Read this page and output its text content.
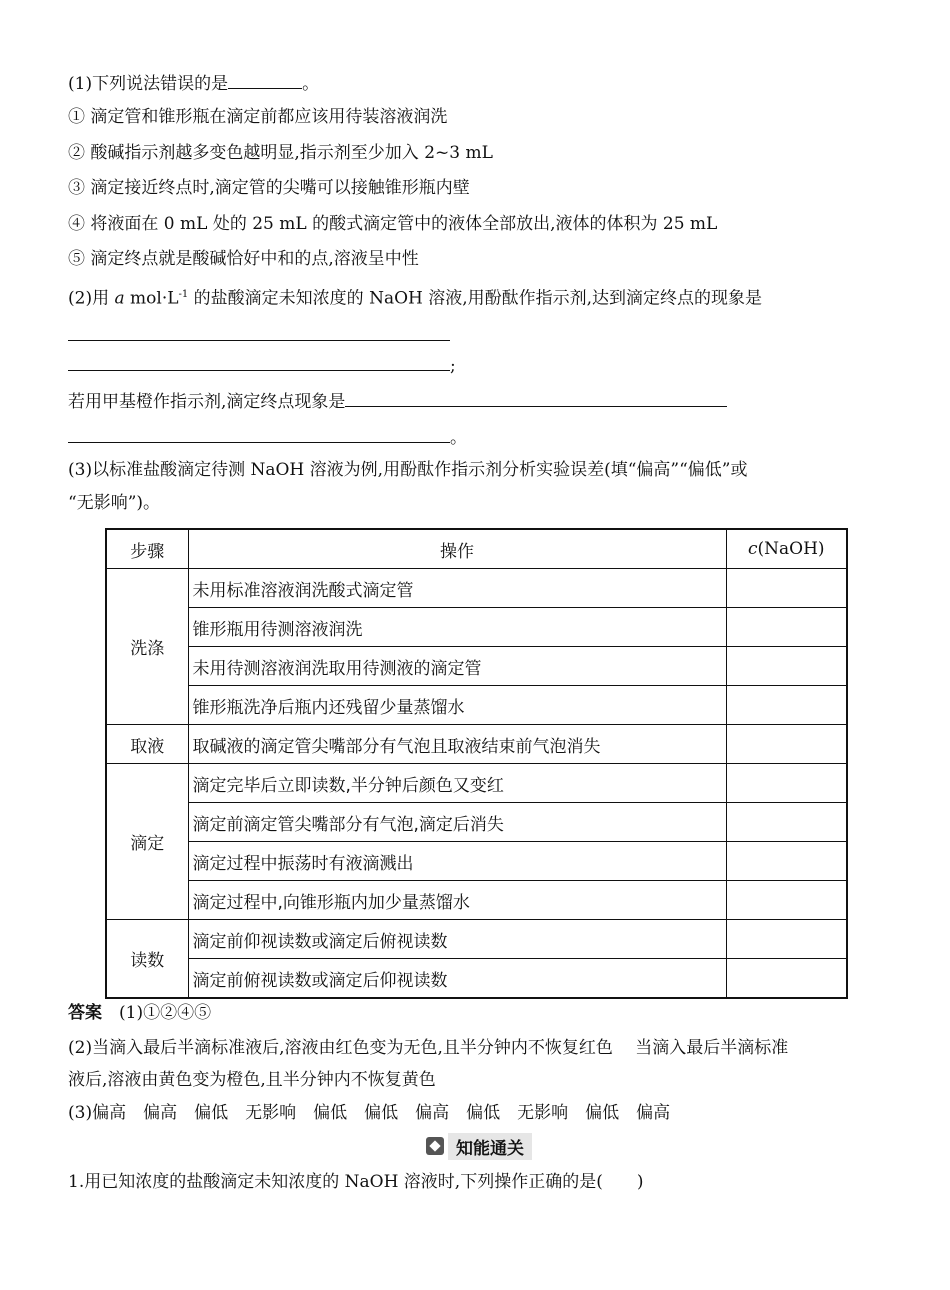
(1)下列说法错误的是	。
① 滴定管和锥形瓶在滴定前都应该用待装溶液润洗
② 酸碱指示剂越多变色越明显,指示剂至少加入 2~3 mL
③ 滴定接近终点时,滴定管的尖嘴可以接触锥形瓶内壁
④ 将液面在 0 mL 处的 25 mL 的酸式滴定管中的液体全部放出,液体的体积为 25 mL
⑤ 滴定终点就是酸碱恰好中和的点,溶液呈中性
(2)用 a $mol\cdot L^{-1}$ 的盐酸滴定未知浓度的 NaOH 溶液,用酚酞作指示剂,达到滴定终点的现象是
;
若用甲基橙作指示剂,滴定终点现象是
。
(3)以标准盐酸滴定待测 NaOH 溶液为例,用酚酞作指示剂分析实验误差(填“偏高”“偏低”或
“无影响”)。
步骤	操作	c(NaOH)
洗涤	未用标准溶液润洗酸式滴定管	
	锥形瓶用待测溶液润洗	
	未用待测溶液润洗取用待测液的滴定管	
	锥形瓶洗净后瓶内还残留少量蒸馏水	
取液	取碱液的滴定管尖嘴部分有气泡且取液结束前气泡消失	
滴定	滴定完毕后立即读数,半分钟后颜色又变红	
	滴定前滴定管尖嘴部分有气泡,滴定后消失	
	滴定过程中振荡时有液滴溅出	
	滴定过程中,向锥形瓶内加少量蒸馏水	
读数	滴定前仰视读数或滴定后俯视读数	
	滴定前俯视读数或滴定后仰视读数	
答案　 (1)①②④⑤
(2)当滴入最后半滴标准液后,溶液由红色变为无色,且半分钟内不恢复红色　 当滴入最后半滴标准
液后,溶液由黄色变为橙色,且半分钟内不恢复黄色
(3)偏高　偏高　偏低　无影响　偏低　偏低　偏高　偏低　无影响　偏低　偏高
知能通关
1.用已知浓度的盐酸滴定未知浓度的 NaOH 溶液时,下列操作正确的是(　　)
